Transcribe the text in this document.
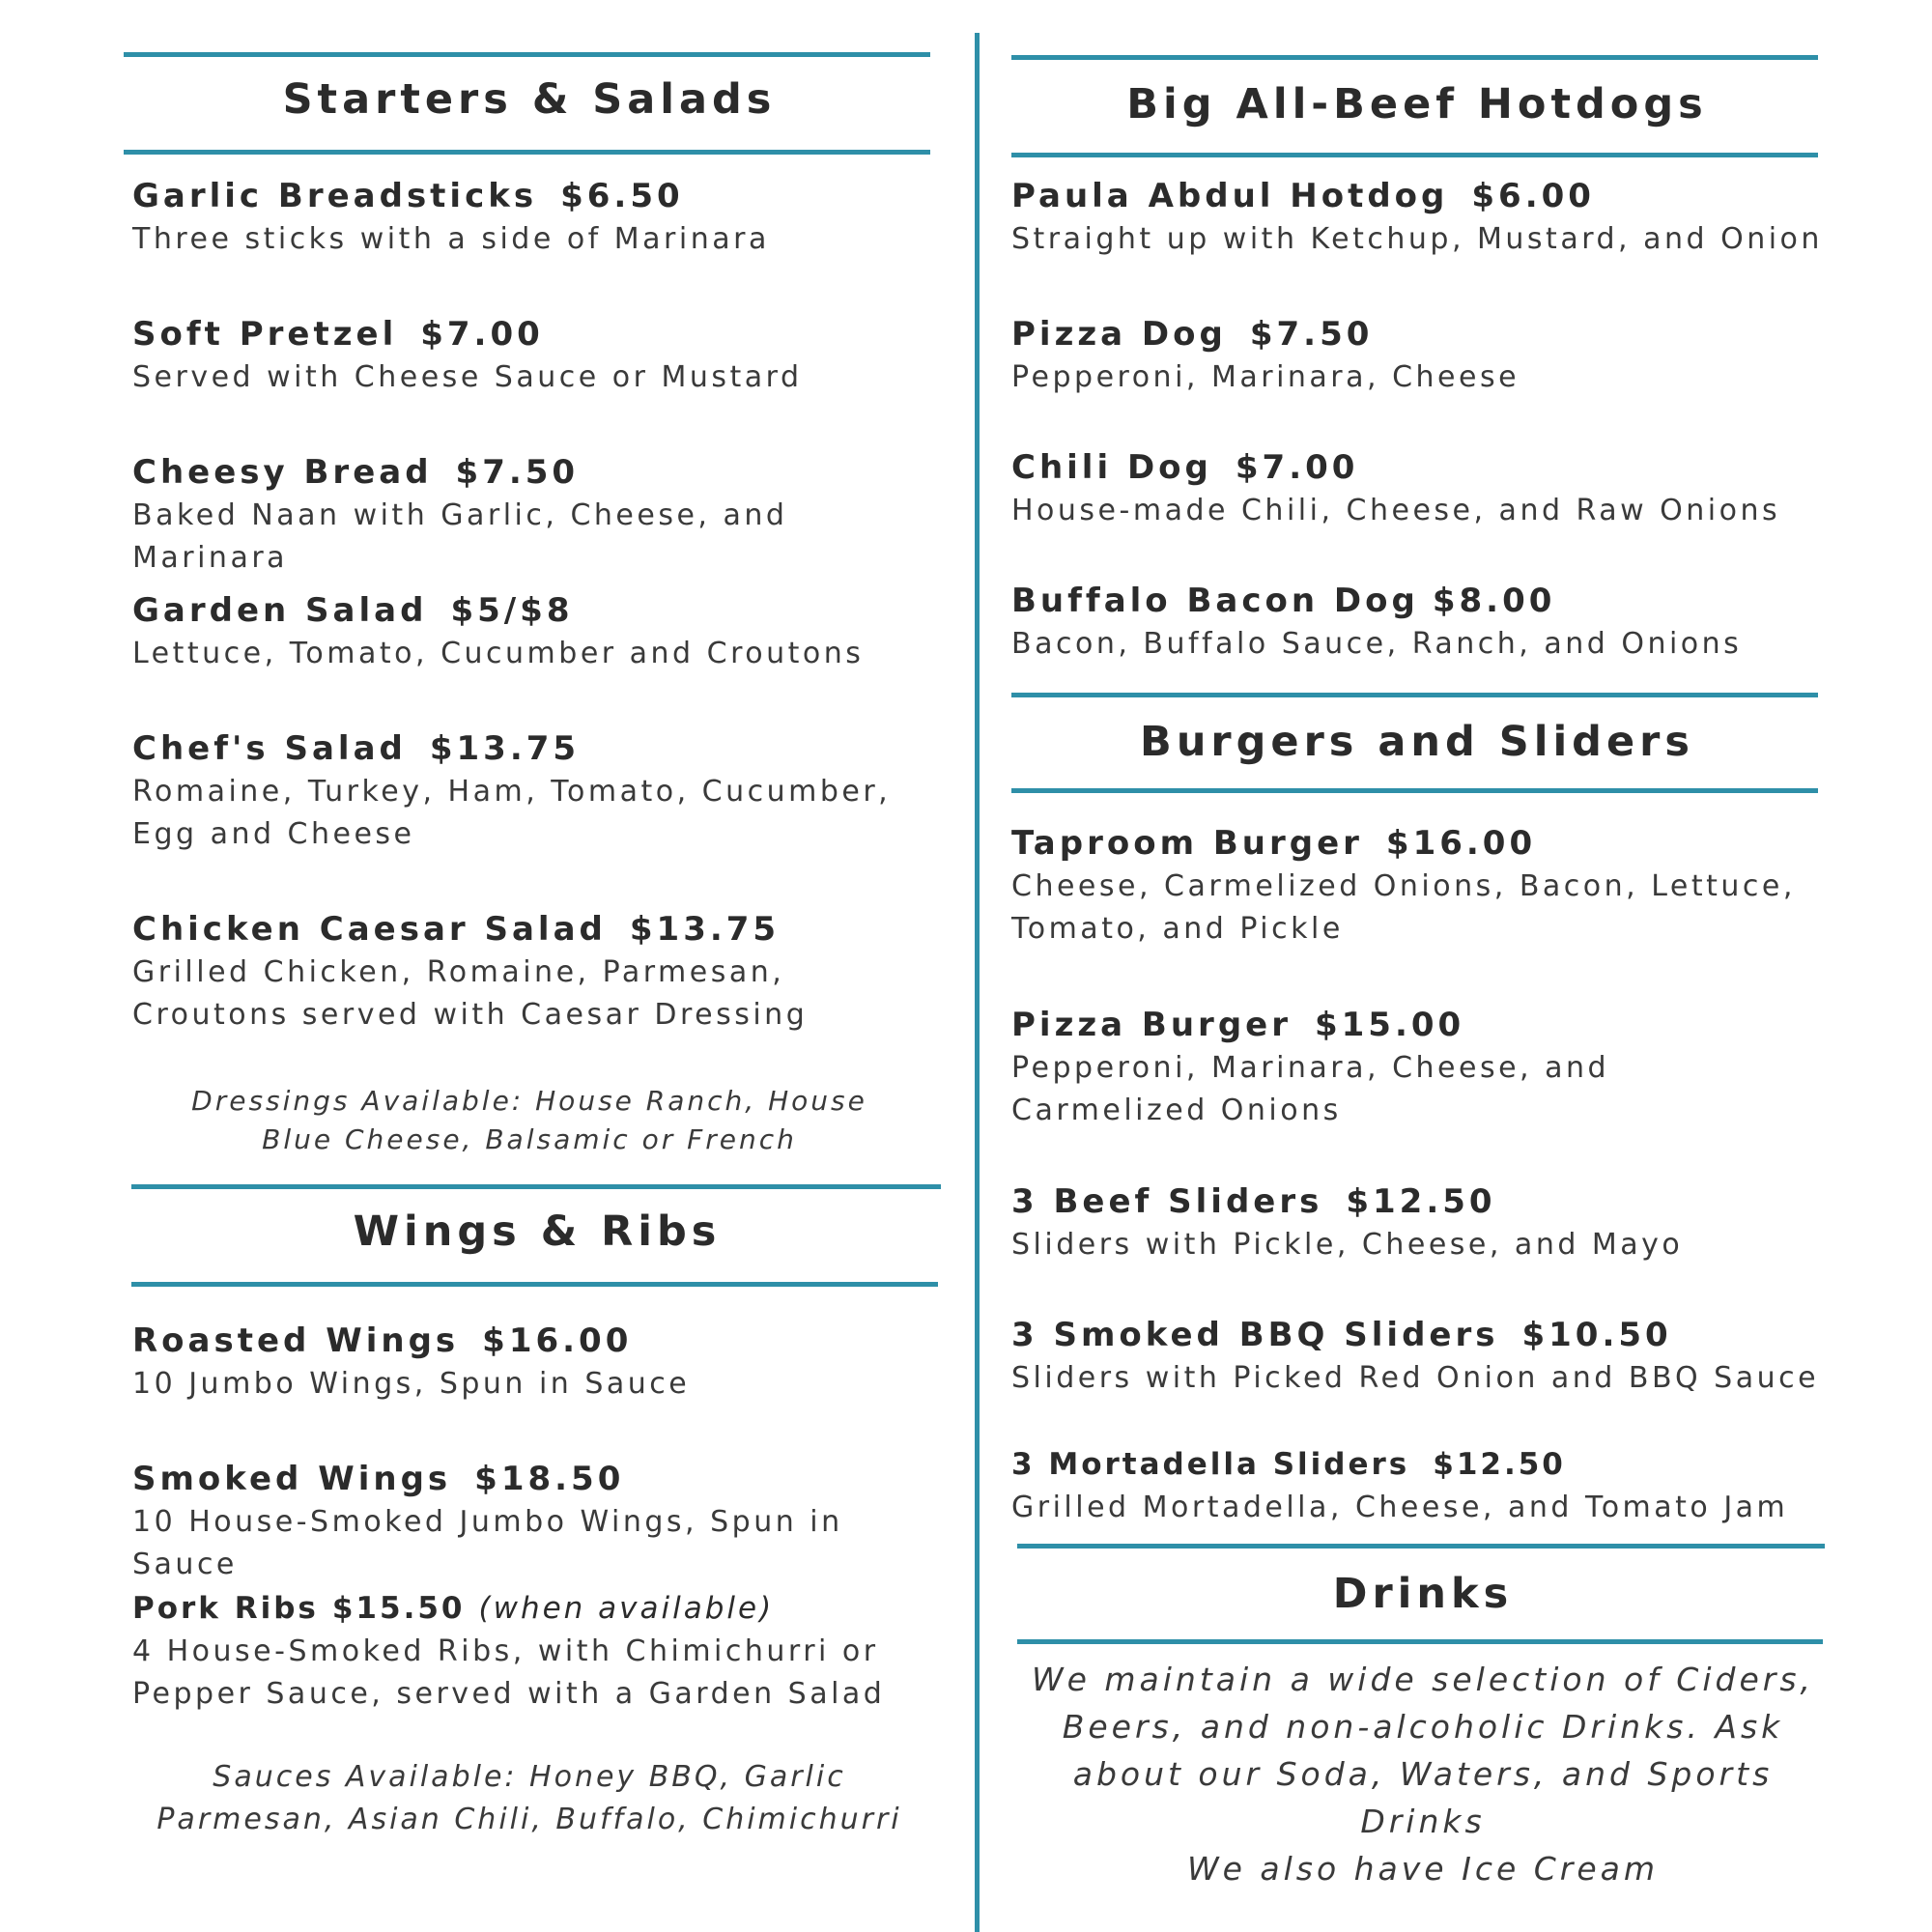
Starters & Salads
Garlic Breadsticks $6.50
Three sticks with a side of Marinara
Soft Pretzel $7.00
Served with Cheese Sauce or Mustard
Cheesy Bread $7.50
Baked Naan with Garlic, Cheese, and Marinara
Garden Salad $5/$8
Lettuce, Tomato, Cucumber and Croutons
Chef's Salad $13.75
Romaine, Turkey, Ham, Tomato, Cucumber, Egg and Cheese
Chicken Caesar Salad $13.75
Grilled Chicken, Romaine, Parmesan, Croutons served with Caesar Dressing
Dressings Available: House Ranch, House Blue Cheese, Balsamic or French
Wings & Ribs
Roasted Wings $16.00
10 Jumbo Wings, Spun in Sauce
Smoked Wings $18.50
10 House-Smoked Jumbo Wings, Spun in Sauce
Pork Ribs $15.50 (when available)
4 House-Smoked Ribs, with Chimichurri or Pepper Sauce, served with a Garden Salad
Sauces Available: Honey BBQ, Garlic Parmesan, Asian Chili, Buffalo, Chimichurri
Big All-Beef Hotdogs
Paula Abdul Hotdog $6.00
Straight up with Ketchup, Mustard, and Onion
Pizza Dog $7.50
Pepperoni, Marinara, Cheese
Chili Dog $7.00
House-made Chili, Cheese, and Raw Onions
Buffalo Bacon Dog $8.00
Bacon, Buffalo Sauce, Ranch, and Onions
Burgers and Sliders
Taproom Burger $16.00
Cheese, Carmelized Onions, Bacon, Lettuce, Tomato, and Pickle
Pizza Burger $15.00
Pepperoni, Marinara, Cheese, and Carmelized Onions
3 Beef Sliders $12.50
Sliders with Pickle, Cheese, and Mayo
3 Smoked BBQ Sliders $10.50
Sliders with Picked Red Onion and BBQ Sauce
3 Mortadella Sliders $12.50
Grilled Mortadella, Cheese, and Tomato Jam
Drinks
We maintain a wide selection of Ciders, Beers, and non-alcoholic Drinks. Ask about our Soda, Waters, and Sports Drinks
We also have Ice Cream
